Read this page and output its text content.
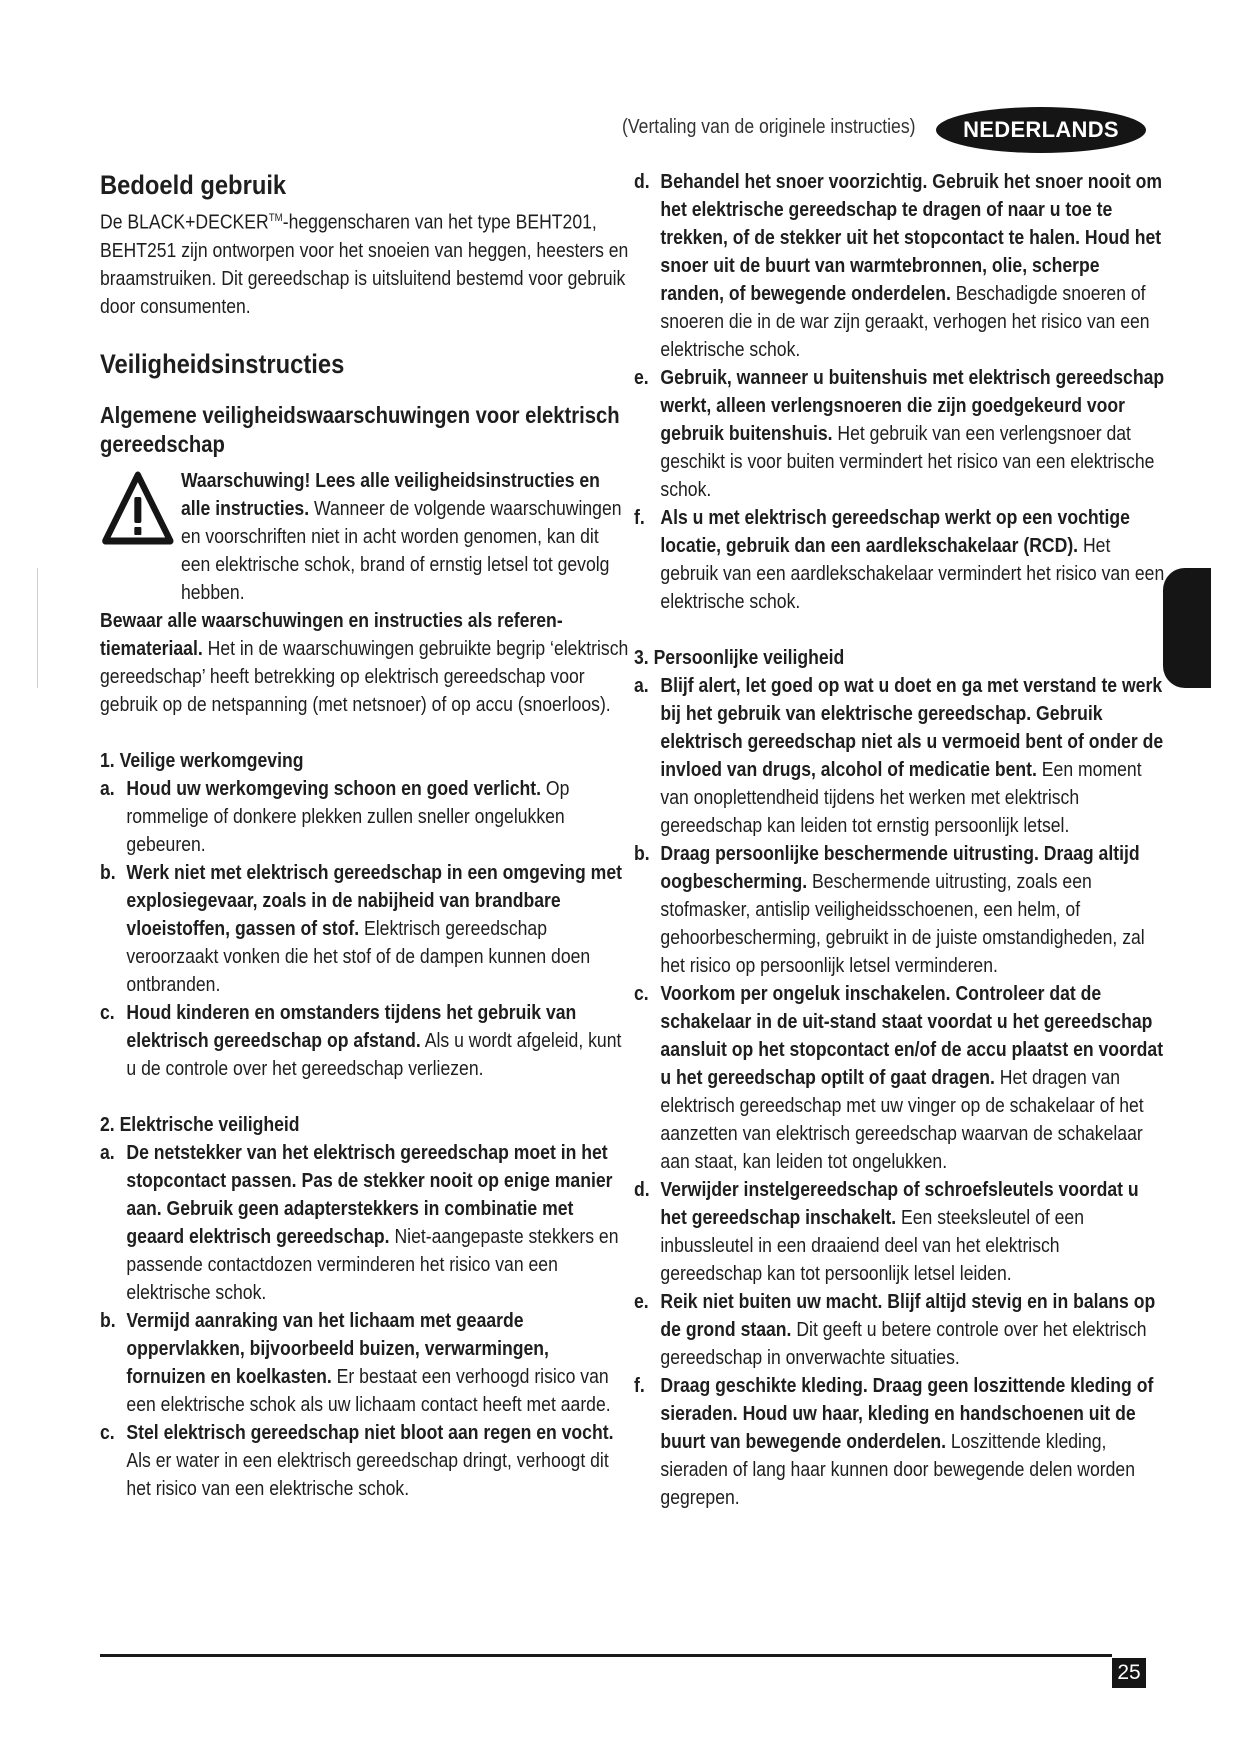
(Vertaling van de originele instructies)	NEDERLANDS
Bedoeld gebruik

De BLACK+DECKER™-heggenscharen van het type BEHT201, BEHT251 zijn ontworpen voor het snoeien van heggen, heesters en braamstruiken. Dit gereedschap is uitsluitend bestemd voor gebruik door consumenten.

Veiligheidsinstructies
Algemene veiligheidswaarschuwingen voor elektrisch gereedschap

Waarschuwing! Lees alle veiligheidsinstructies en alle instructies. Wanneer de volgende waarschuwingen en voorschriften niet in acht worden genomen, kan dit een elektrische schok, brand of ernstig letsel tot gevolg hebben.

Bewaar alle waarschuwingen en instructies als referentiemateriaal. Het in de waarschuwingen gebruikte begrip ‘elektrisch gereedschap’ heeft betrekking op elektrisch gereedschap voor gebruik op de netspanning (met netsnoer) of op accu (snoerloos).

1. Veilige werkomgeving

a. Houd uw werkomgeving schoon en goed verlicht. Op rommelige of donkere plekken zullen sneller ongelukken gebeuren.

b. Werk niet met elektrisch gereedschap in een omgeving met explosiegevaar, zoals in de nabijheid van brandbare vloeistoffen, gassen of stof. Elektrisch gereedschap veroorzaakt vonken die het stof of de dampen kunnen doen ontbranden.

c. Houd kinderen en omstanders tijdens het gebruik van elektrisch gereedschap op afstand. Als u wordt afgeleid, kunt u de controle over het gereedschap verliezen.

2. Elektrische veiligheid

a. De netstekker van het elektrisch gereedschap moet in het stopcontact passen. Pas de stekker nooit op enige manier aan. Gebruik geen adapterstekkers in combinatie met geaard elektrisch gereedschap. Niet-aangepaste stekkers en passende contactdozen verminderen het risico van een elektrische schok.

b. Vermijd aanraking van het lichaam met geaarde oppervlakken, bijvoorbeeld buizen, verwarmingen, fornuizen en koelkasten. Er bestaat een verhoogd risico van een elektrische schok als uw lichaam contact heeft met aarde.

c. Stel elektrisch gereedschap niet bloot aan regen en vocht. Als er water in een elektrisch gereedschap dringt, verhoogt dit het risico van een elektrische schok.

d. Behandel het snoer voorzichtig. Gebruik het snoer nooit om het elektrische gereedschap te dragen of naar u toe te trekken, of de stekker uit het stopcontact te halen. Houd het snoer uit de buurt van warmtebronnen, olie, scherpe randen, of bewegende onderdelen. Beschadigde snoeren of snoeren die in de war zijn geraakt, verhogen het risico van een elektrische schok.

e. Gebruik, wanneer u buitenshuis met elektrisch gereedschap werkt, alleen verlengsnoeren die zijn goedgekeurd voor gebruik buitenshuis. Het gebruik van een verlengsnoer dat geschikt is voor buiten vermindert het risico van een elektrische schok.

f. Als u met elektrisch gereedschap werkt op een vochtige locatie, gebruik dan een aardlekschakelaar (RCD). Het gebruik van een aardlekschakelaar vermindert het risico van een elektrische schok.

3. Persoonlijke veiligheid

a. Blijf alert, let goed op wat u doet en ga met verstand te werk bij het gebruik van elektrische gereedschap. Gebruik elektrisch gereedschap niet als u vermoeid bent of onder de invloed van drugs, alcohol of medicatie bent. Een moment van onoplettendheid tijdens het werken met elektrisch gereedschap kan leiden tot ernstig persoonlijk letsel.

b. Draag persoonlijke beschermende uitrusting. Draag altijd oogbescherming. Beschermende uitrusting, zoals een stofmasker, antislip veiligheidsschoenen, een helm, of gehoorbescherming, gebruikt in de juiste omstandigheden, zal het risico op persoonlijk letsel verminderen.

c. Voorkom per ongeluk inschakelen. Controleer dat de schakelaar in de uit-stand staat voordat u het gereedschap aansluit op het stopcontact en/of de accu plaatst en voordat u het gereedschap optilt of gaat dragen. Het dragen van elektrisch gereedschap met uw vinger op de schakelaar of het aanzetten van elektrisch gereedschap waarvan de schakelaar aan staat, kan leiden tot ongelukken.

d. Verwijder instelgereedschap of schroefsleutels voordat u het gereedschap inschakelt. Een steeksleutel of een inbussleutel in een draaiend deel van het elektrisch gereedschap kan tot persoonlijk letsel leiden.

e. Reik niet buiten uw macht. Blijf altijd stevig en in balans op de grond staan. Dit geeft u betere controle over het elektrisch gereedschap in onverwachte situaties.

f. Draag geschikte kleding. Draag geen loszittende kleding of sieraden. Houd uw haar, kleding en handschoenen uit de buurt van bewegende onderdelen. Loszittende kleding, sieraden of lang haar kunnen door bewegende delen worden gegrepen.

25
